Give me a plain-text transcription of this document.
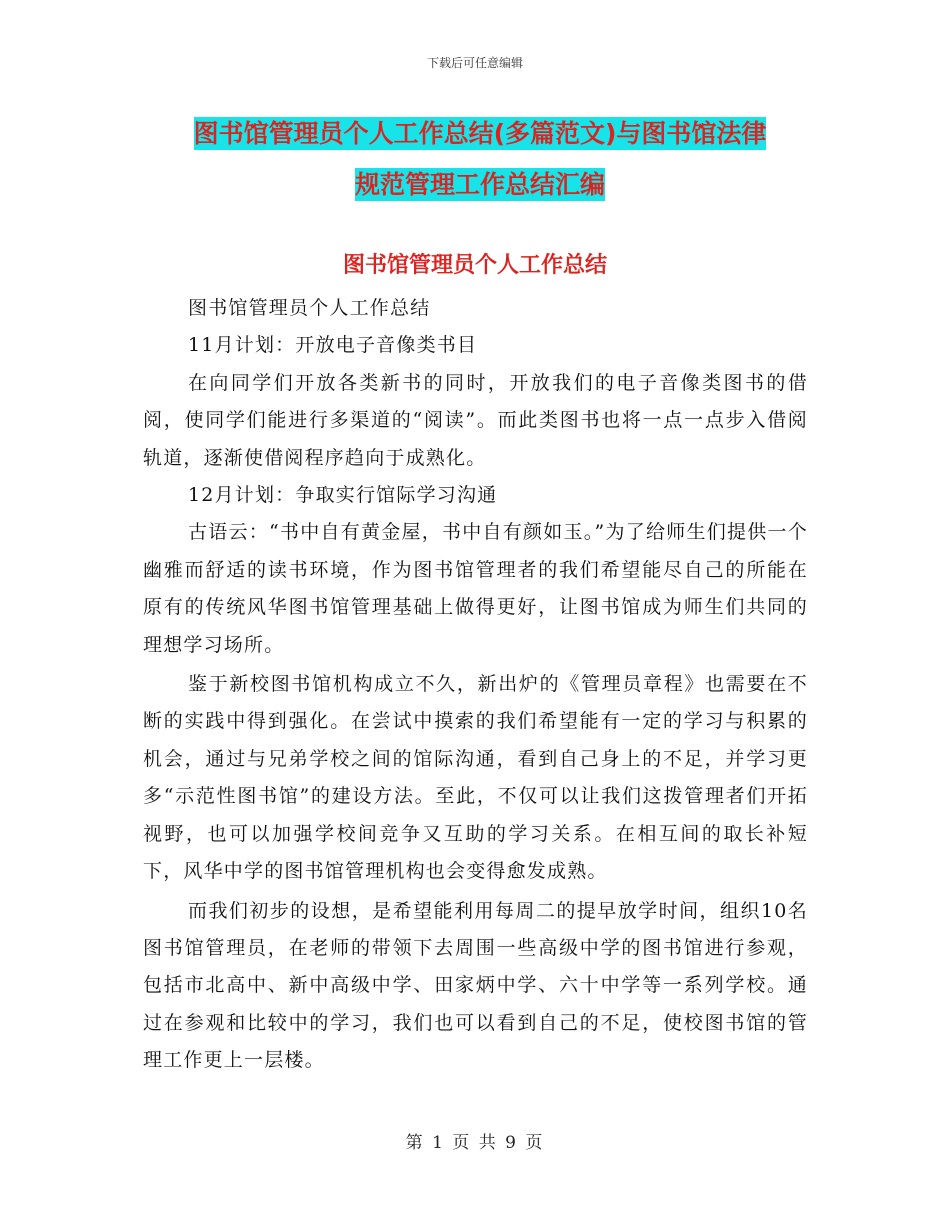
下载后可任意编辑
图书馆管理员个人工作总结(多篇范文)与图书馆法律
规范管理工作总结汇编
图书馆管理员个人工作总结

图书馆管理员个人工作总结

11月计划：开放电子音像类书目

在向同学们开放各类新书的同时，开放我们的电子音像类图书的借阅，使同学们能进行多渠道的“阅读”。而此类图书也将一点一点步入借阅轨道，逐渐使借阅程序趋向于成熟化。

12月计划：争取实行馆际学习沟通

古语云：“书中自有黄金屋，书中自有颜如玉。”为了给师生们提供一个幽雅而舒适的读书环境，作为图书馆管理者的我们希望能尽自己的所能在原有的传统风华图书馆管理基础上做得更好，让图书馆成为师生们共同的理想学习场所。

鉴于新校图书馆机构成立不久，新出炉的《管理员章程》也需要在不断的实践中得到强化。在尝试中摸索的我们希望能有一定的学习与积累的机会，通过与兄弟学校之间的馆际沟通，看到自己身上的不足，并学习更多“示范性图书馆”的建设方法。至此，不仅可以让我们这拨管理者们开拓视野，也可以加强学校间竞争又互助的学习关系。在相互间的取长补短下，风华中学的图书馆管理机构也会变得愈发成熟。

而我们初步的设想，是希望能利用每周二的提早放学时间，组织10名图书馆管理员，在老师的带领下去周围一些高级中学的图书馆进行参观，包括市北高中、新中高级中学、田家炳中学、六十中学等一系列学校。通过在参观和比较中的学习，我们也可以看到自己的不足，使校图书馆的管理工作更上一层楼。

第 1 页 共 9 页
